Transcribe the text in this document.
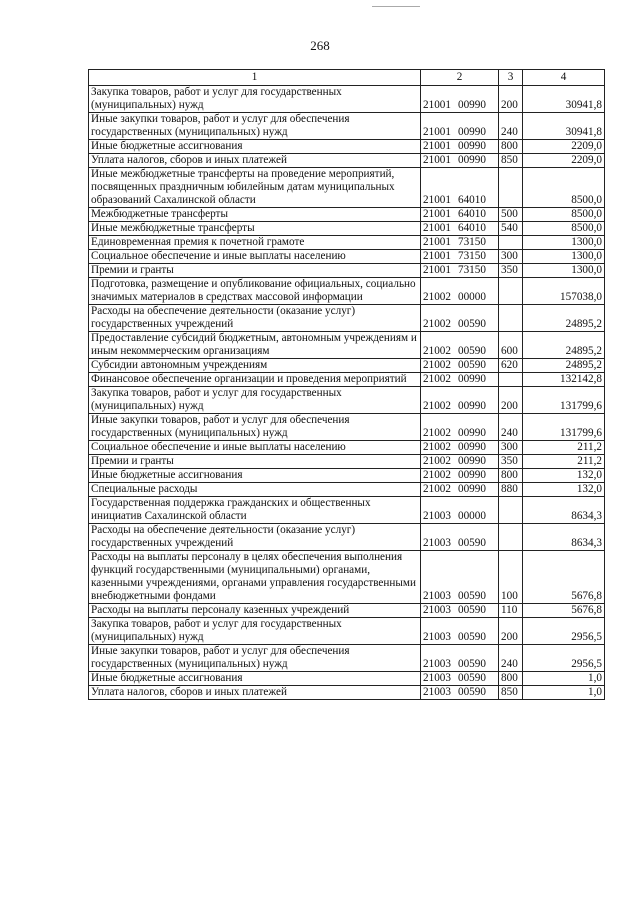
268
1	2	3	4
Закупка товаров, работ и услуг для государственных (муниципальных) нужд	21001 00990	200	30941,8
Иные закупки товаров, работ и услуг для обеспечения государственных (муниципальных) нужд	21001 00990	240	30941,8
Иные бюджетные ассигнования	21001 00990	800	2209,0
Уплата налогов, сборов и иных платежей	21001 00990	850	2209,0
Иные межбюджетные трансферты на проведение мероприятий, посвященных праздничным юбилейным датам муниципальных образований Сахалинской области	21001 64010		8500,0
Межбюджетные трансферты	21001 64010	500	8500,0
Иные межбюджетные трансферты	21001 64010	540	8500,0
Единовременная премия к почетной грамоте	21001 73150		1300,0
Социальное обеспечение и иные выплаты населению	21001 73150	300	1300,0
Премии и гранты	21001 73150	350	1300,0
Подготовка, размещение и опубликование официальных, социально значимых материалов в средствах массовой информации	21002 00000		157038,0
Расходы на обеспечение деятельности (оказание услуг) государственных учреждений	21002 00590		24895,2
Предоставление субсидий бюджетным, автономным учреждениям и иным некоммерческим организациям	21002 00590	600	24895,2
Субсидии автономным учреждениям	21002 00590	620	24895,2
Финансовое обеспечение организации и проведения мероприятий	21002 00990		132142,8
Закупка товаров, работ и услуг для государственных (муниципальных) нужд	21002 00990	200	131799,6
Иные закупки товаров, работ и услуг для обеспечения государственных (муниципальных) нужд	21002 00990	240	131799,6
Социальное обеспечение и иные выплаты населению	21002 00990	300	211,2
Премии и гранты	21002 00990	350	211,2
Иные бюджетные ассигнования	21002 00990	800	132,0
Специальные расходы	21002 00990	880	132,0
Государственная поддержка гражданских и общественных инициатив Сахалинской области	21003 00000		8634,3
Расходы на обеспечение деятельности (оказание услуг) государственных учреждений	21003 00590		8634,3
Расходы на выплаты персоналу в целях обеспечения выполнения функций государственными (муниципальными) органами, казенными учреждениями, органами управления государственными внебюджетными фондами	21003 00590	100	5676,8
Расходы на выплаты персоналу казенных учреждений	21003 00590	110	5676,8
Закупка товаров, работ и услуг для государственных (муниципальных) нужд	21003 00590	200	2956,5
Иные закупки товаров, работ и услуг для обеспечения государственных (муниципальных) нужд	21003 00590	240	2956,5
Иные бюджетные ассигнования	21003 00590	800	1,0
Уплата налогов, сборов и иных платежей	21003 00590	850	1,0
